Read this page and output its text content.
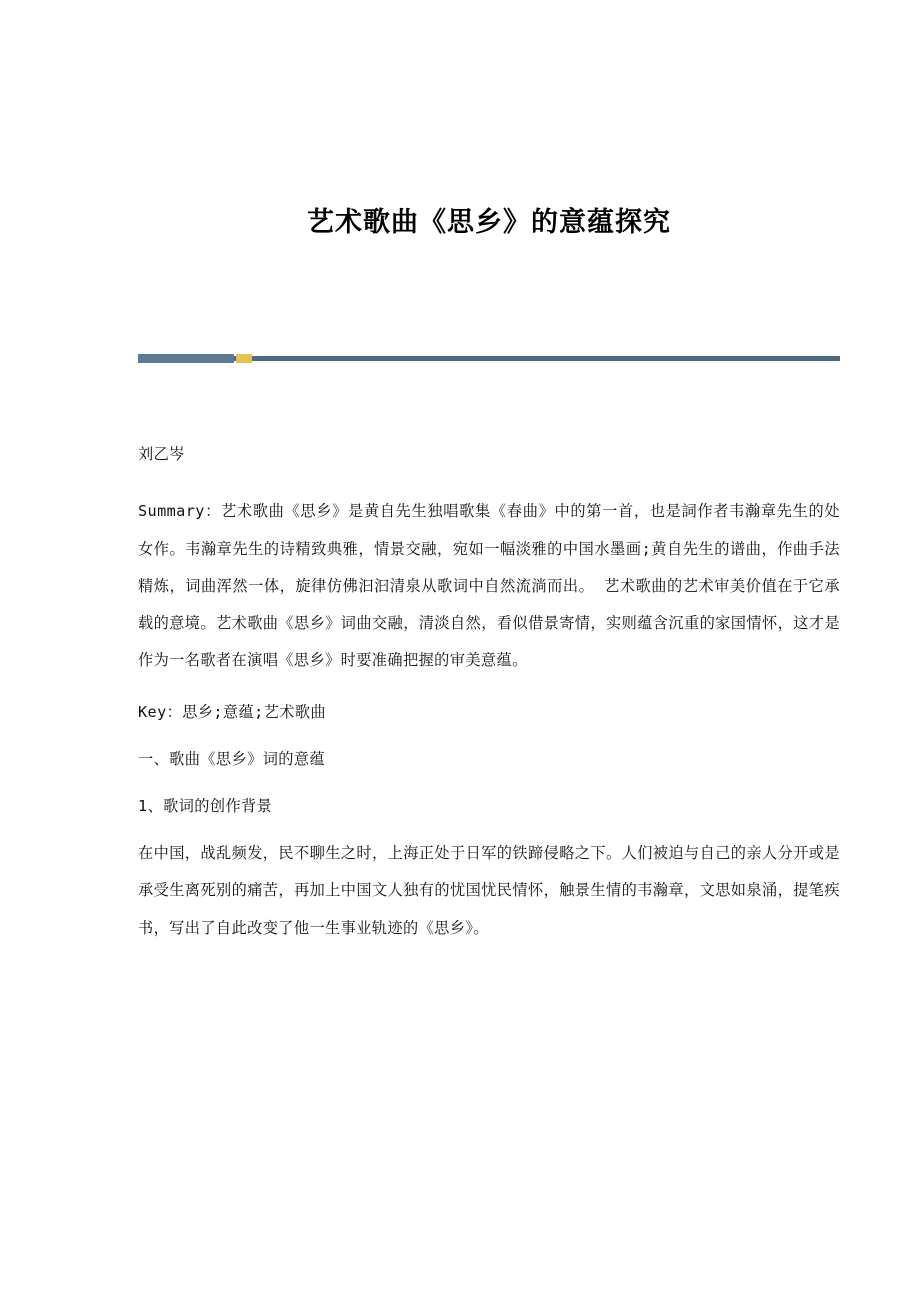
艺术歌曲《思乡》的意蕴探究

刘乙岑

Summary：艺术歌曲《思乡》是黄自先生独唱歌集《春曲》中的第一首，也是詞作者韦瀚章先生的处女作。韦瀚章先生的诗精致典雅，情景交融，宛如一幅淡雅的中国水墨画;黄自先生的谱曲，作曲手法精炼，词曲浑然一体，旋律仿佛汩汩清泉从歌词中自然流淌而出。 艺术歌曲的艺术审美价值在于它承载的意境。艺术歌曲《思乡》词曲交融，清淡自然，看似借景寄情，实则蕴含沉重的家国情怀，这才是作为一名歌者在演唱《思乡》时要准确把握的审美意蕴。

Key：思乡;意蕴;艺术歌曲

一、歌曲《思乡》词的意蕴

1、歌词的创作背景

在中国，战乱频发，民不聊生之时，上海正处于日军的铁蹄侵略之下。人们被迫与自己的亲人分开或是承受生离死别的痛苦，再加上中国文人独有的忧国忧民情怀，触景生情的韦瀚章，文思如泉涌，提笔疾书，写出了自此改变了他一生事业轨迹的《思乡》。
